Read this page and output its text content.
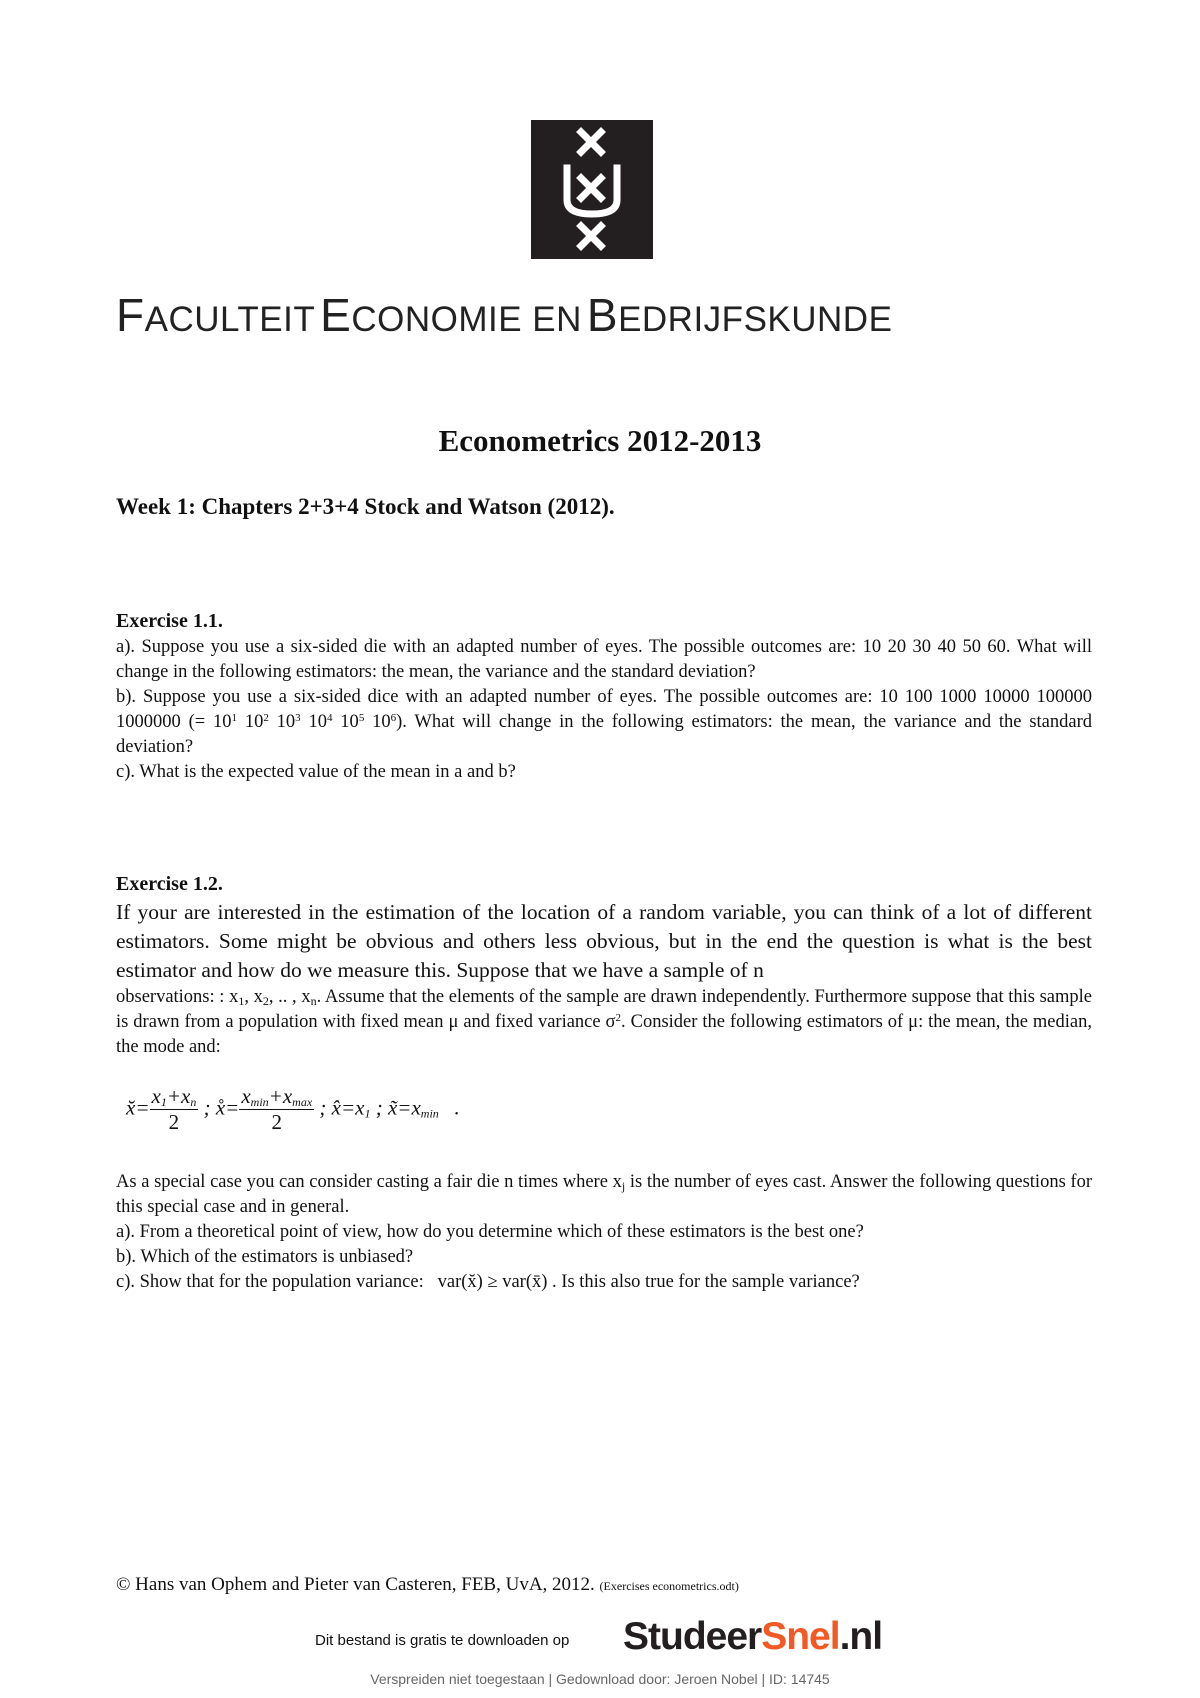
FACULTEIT ECONOMIE EN BEDRIJFSKUNDE
Econometrics 2012-2013
Week 1: Chapters 2+3+4 Stock and Watson (2012).
Exercise 1.1.

a). Suppose you use a six-sided die with an adapted number of eyes. The possible outcomes are: 10 20 30 40 50 60. What will change in the following estimators: the mean, the variance and the standard deviation?

b). Suppose you use a six-sided dice with an adapted number of eyes. The possible outcomes are: 10 100 1000 10000 100000 1000000 (= $10^1$ $10^2$ $10^3$ $10^4$ $10^5$ $10^6$). What will change in the following estimators: the mean, the variance and the standard deviation?

c). What is the expected value of the mean in a and b?

Exercise 1.2.

If your are interested in the estimation of the location of a random variable, you can think of a lot of different estimators. Some might be obvious and others less obvious, but in the end the question is what is the best estimator and how do we measure this. Suppose that we have a sample of n

observations: : $x_1$, $x_2$, .. , $x_n$. Assume that the elements of the sample are drawn independently. Furthermore suppose that this sample is drawn from a population with fixed mean μ and fixed variance $\sigma^2$. Consider the following estimators of μ: the mean, the median, the mode and:

x̆= $\frac{x_1+x_n}{2}$ ; x̊= $\frac{x_{min}+x_{max}}{2}$ ; $x̂=x_1$ ; $x̃=x_{min}$   .

As a special case you can consider casting a fair die n times where $x_j$ is the number of eyes cast. Answer the following questions for this special case and in general.

a). From a theoretical point of view, how do you determine which of these estimators is the best one?

b). Which of the estimators is unbiased?

c). Show that for the population variance: var(x̆) ≥ var(x̄) . Is this also true for the sample variance?

© Hans van Ophem and Pieter van Casteren, FEB, UvA, 2012. (Exercises econometrics.odt)
Dit bestand is gratis te downloaden op StudeerSnel.nl
Verspreiden niet toegestaan | Gedownload door: Jeroen Nobel | ID: 14745
